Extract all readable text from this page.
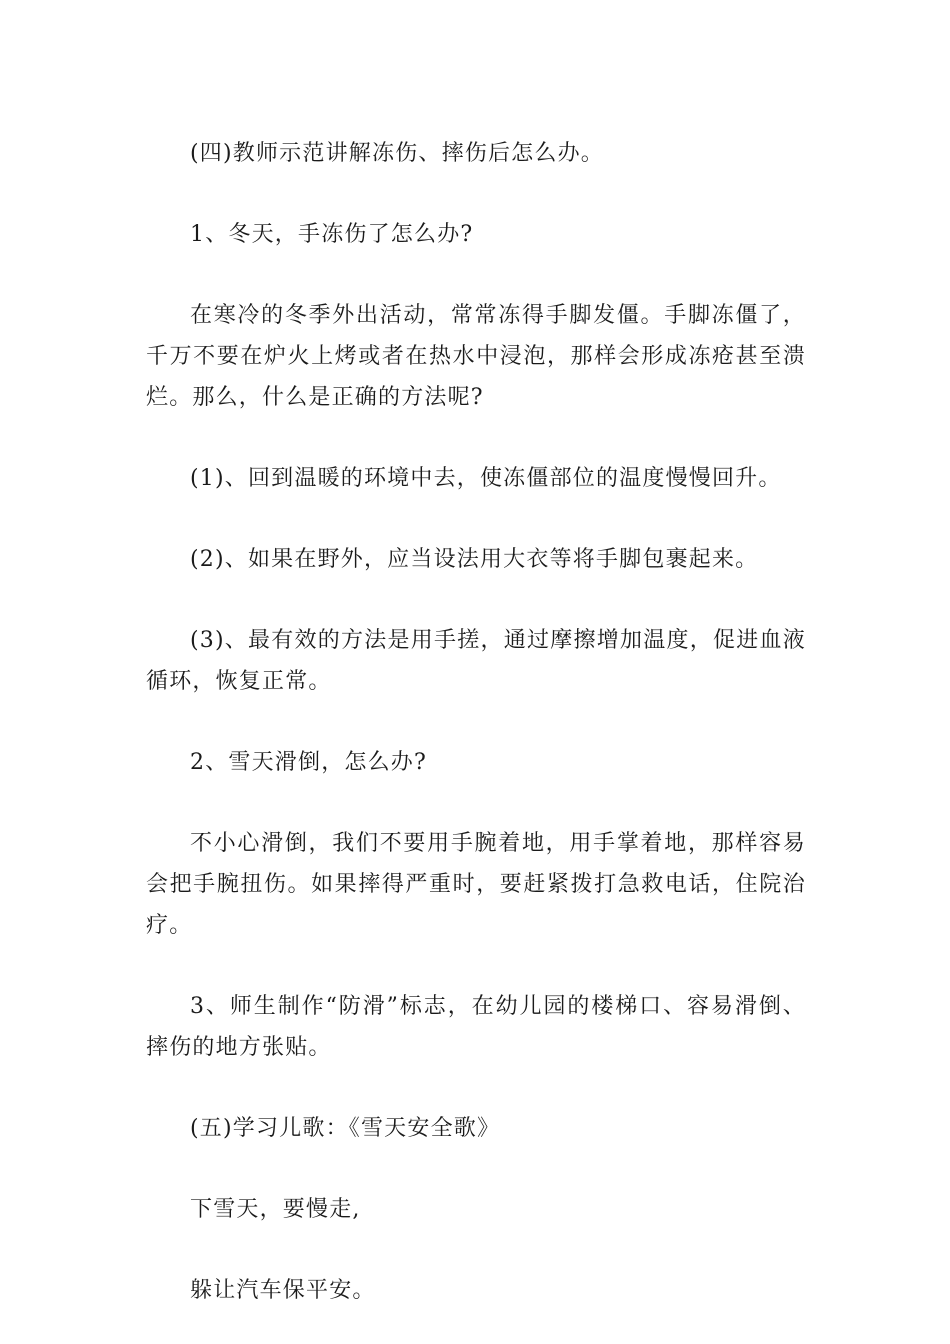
(四)教师示范讲解冻伤、摔伤后怎么办。

1、冬天，手冻伤了怎么办?

在寒冷的冬季外出活动，常常冻得手脚发僵。手脚冻僵了，千万不要在炉火上烤或者在热水中浸泡，那样会形成冻疮甚至溃烂。那么，什么是正确的方法呢?

(1)、回到温暖的环境中去，使冻僵部位的温度慢慢回升。

(2)、如果在野外，应当设法用大衣等将手脚包裹起来。

(3)、最有效的方法是用手搓，通过摩擦增加温度，促进血液循环，恢复正常。

2、雪天滑倒，怎么办?

不小心滑倒，我们不要用手腕着地，用手掌着地，那样容易会把手腕扭伤。如果摔得严重时，要赶紧拨打急救电话，住院治疗。

3、师生制作“防滑”标志，在幼儿园的楼梯口、容易滑倒、摔伤的地方张贴。

(五)学习儿歌：《雪天安全歌》

下雪天，要慢走,

躲让汽车保平安。
